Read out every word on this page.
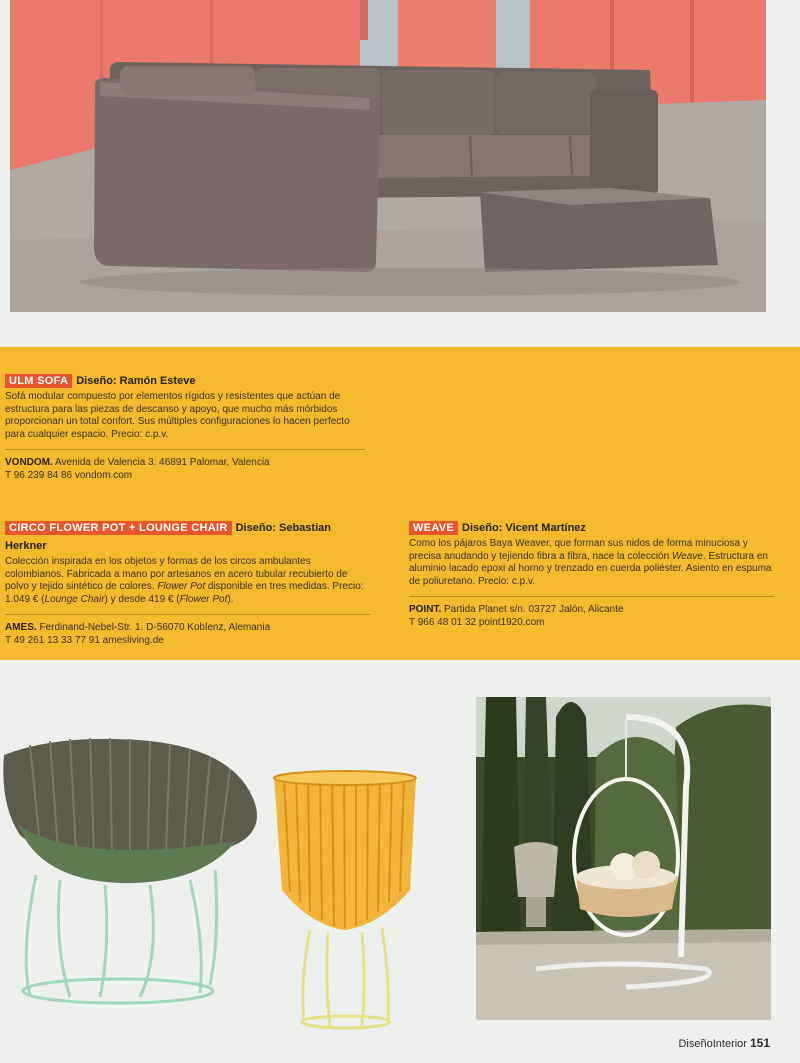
ULM SOFA Diseño: Ramón Esteve
Sofá modular compuesto por elementos rígidos y resistentes que actúan de estructura para las piezas de descanso y apoyo, que mucho más mórbidos proporcionan un total confort. Sus múltiples configuraciones lo hacen perfecto para cualquier espacio. Precio: c.p.v.
VONDOM. Avenida de Valencia 3. 46891 Palomar, Valencia
T 96 239 84 86 vondom.com
CIRCO FLOWER POT + LOUNGE CHAIR Diseño: Sebastian Herkner
Colección inspirada en los objetos y formas de los circos ambulantes colombianos. Fabricada a mano por artesanos en acero tubular recubierto de polvo y tejido sintético de colores. Flower Pot disponible en tres medidas. Precio: 1.049 € (Lounge Chair) y desde 419 € (Flower Pot).
AMES. Ferdinand-Nebel-Str. 1. D-56070 Koblenz, Alemania
T 49 261 13 33 77 91 amesliving.de
WEAVE Diseño: Vicent Martínez
Como los pájaros Baya Weaver, que forman sus nidos de forma minuciosa y precisa anudando y tejiendo fibra a fibra, nace la colección Weave. Estructura en aluminio lacado epoxi al horno y trenzado en cuerda poliéster. Asiento en espuma de poliuretano. Precio: c.p.v.
POINT. Partida Planet s/n. 03727 Jalón, Alicante
T 966 48 01 32 point1920.com
DiseñoInterior 151
